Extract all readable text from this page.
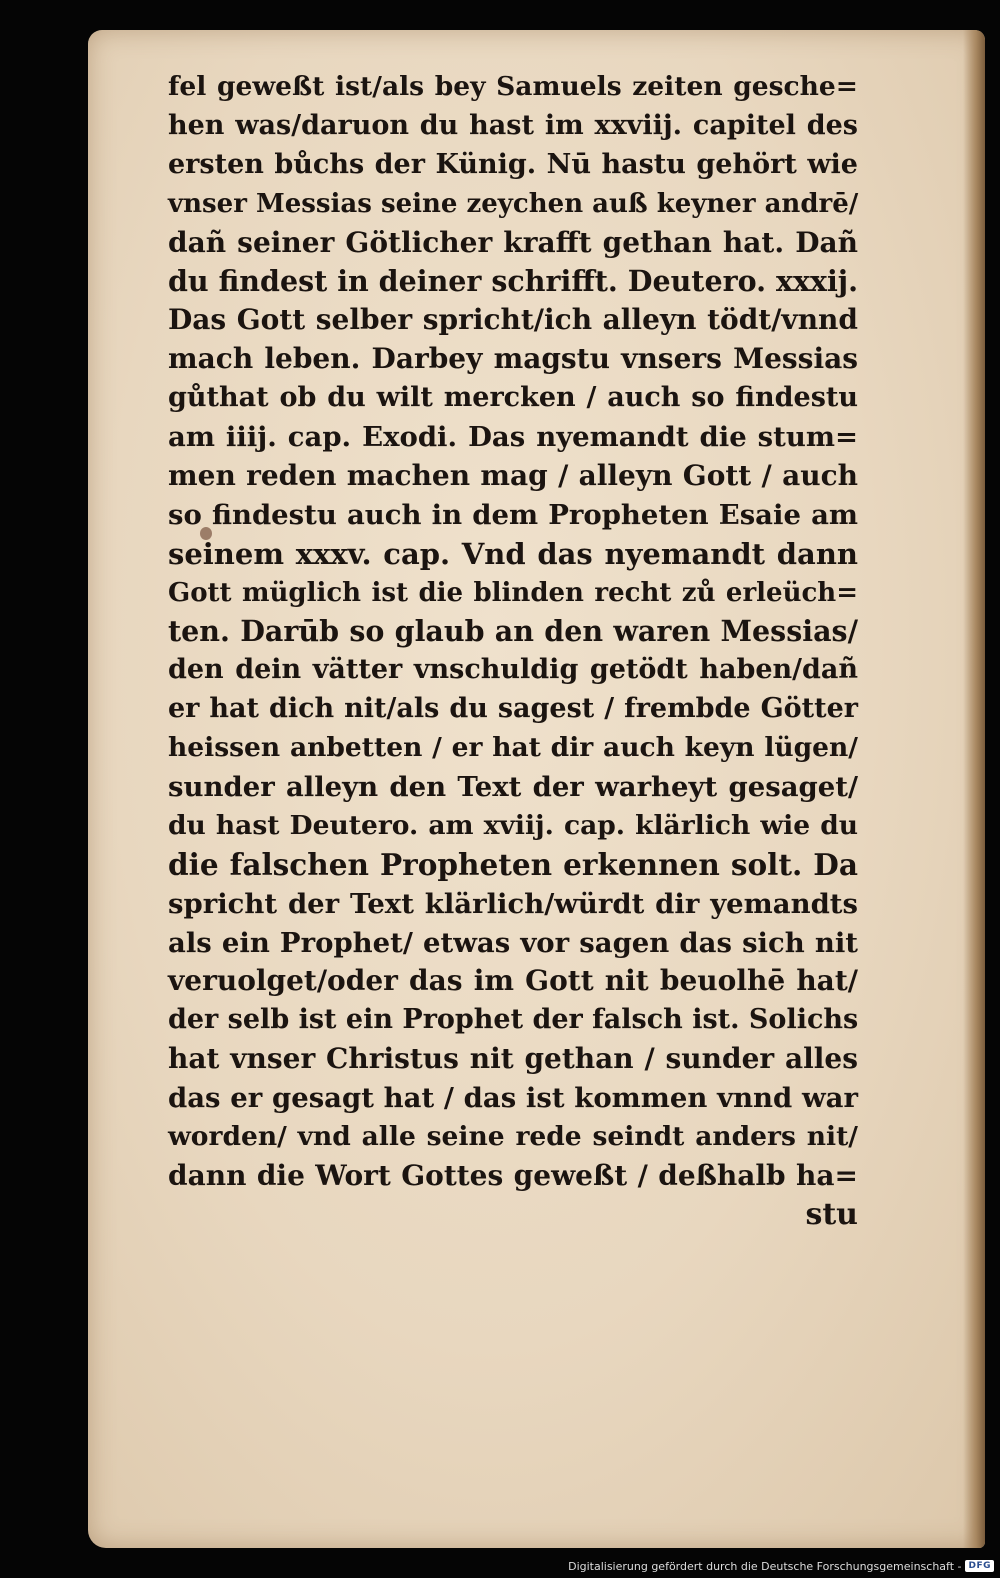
fel geweßt ist/als bey Samuels zeiten gesche=
hen was/daruon du hast im xxviij. capitel des
ersten bůchs der Künig. Nū hastu gehört wie
vnser Messias seine zeychen auß keyner andrē/
dañ seiner Götlicher krafft gethan hat. Dañ
du findest in deiner schrifft. Deutero. xxxij.
Das Gott selber spricht/ich alleyn tödt/vnnd
mach leben. Darbey magstu vnsers Messias
gůthat ob du wilt mercken / auch so findestu
am iiij. cap. Exodi. Das nyemandt die stum=
men reden machen mag / alleyn Gott / auch
so findestu auch in dem Propheten Esaie am
seinem xxxv. cap. Vnd das nyemandt dann
Gott müglich ist die blinden recht zů erleüch=
ten. Darūb so glaub an den waren Messias/
den dein vätter vnschuldig getödt haben/dañ
er hat dich nit/als du sagest / frembde Götter
heissen anbetten / er hat dir auch keyn lügen/
sunder alleyn den Text der warheyt gesaget/
du hast Deutero. am xviij. cap. klärlich wie du
die falschen Propheten erkennen solt. Da
spricht der Text klärlich/würdt dir yemandts
als ein Prophet/ etwas vor sagen das sich nit
veruolget/oder das im Gott nit beuolhē hat/
der selb ist ein Prophet der falsch ist. Solichs
hat vnser Christus nit gethan / sunder alles
das er gesagt hat / das ist kommen vnnd war
worden/ vnd alle seine rede seindt anders nit/
dann die Wort Gottes geweßt / deßhalb ha=
stu
Digitalisierung gefördert durch die Deutsche Forschungsgemeinschaft - DFG
